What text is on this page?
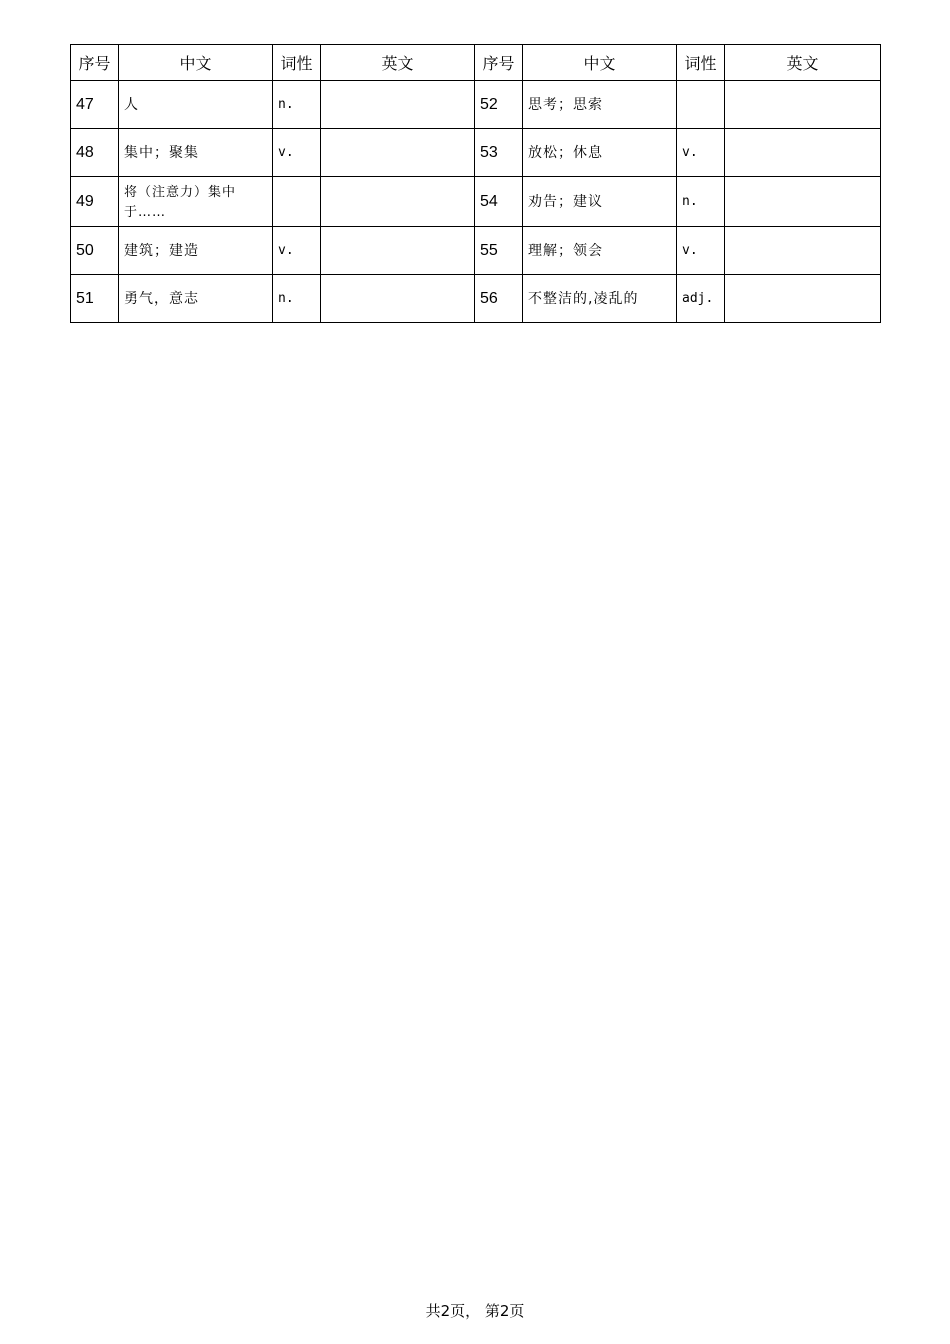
序号	中文	词性	英文	序号	中文	词性	英文
47	人	n.		52	思考；思索		
48	集中；聚集	v.		53	放松；休息	v.	
49	将（注意力）集中于……			54	劝告；建议	n.	
50	建筑；建造	v.		55	理解；领会	v.	
51	勇气，意志	n.		56	不整洁的,凌乱的	adj.	
共2页， 第2页
